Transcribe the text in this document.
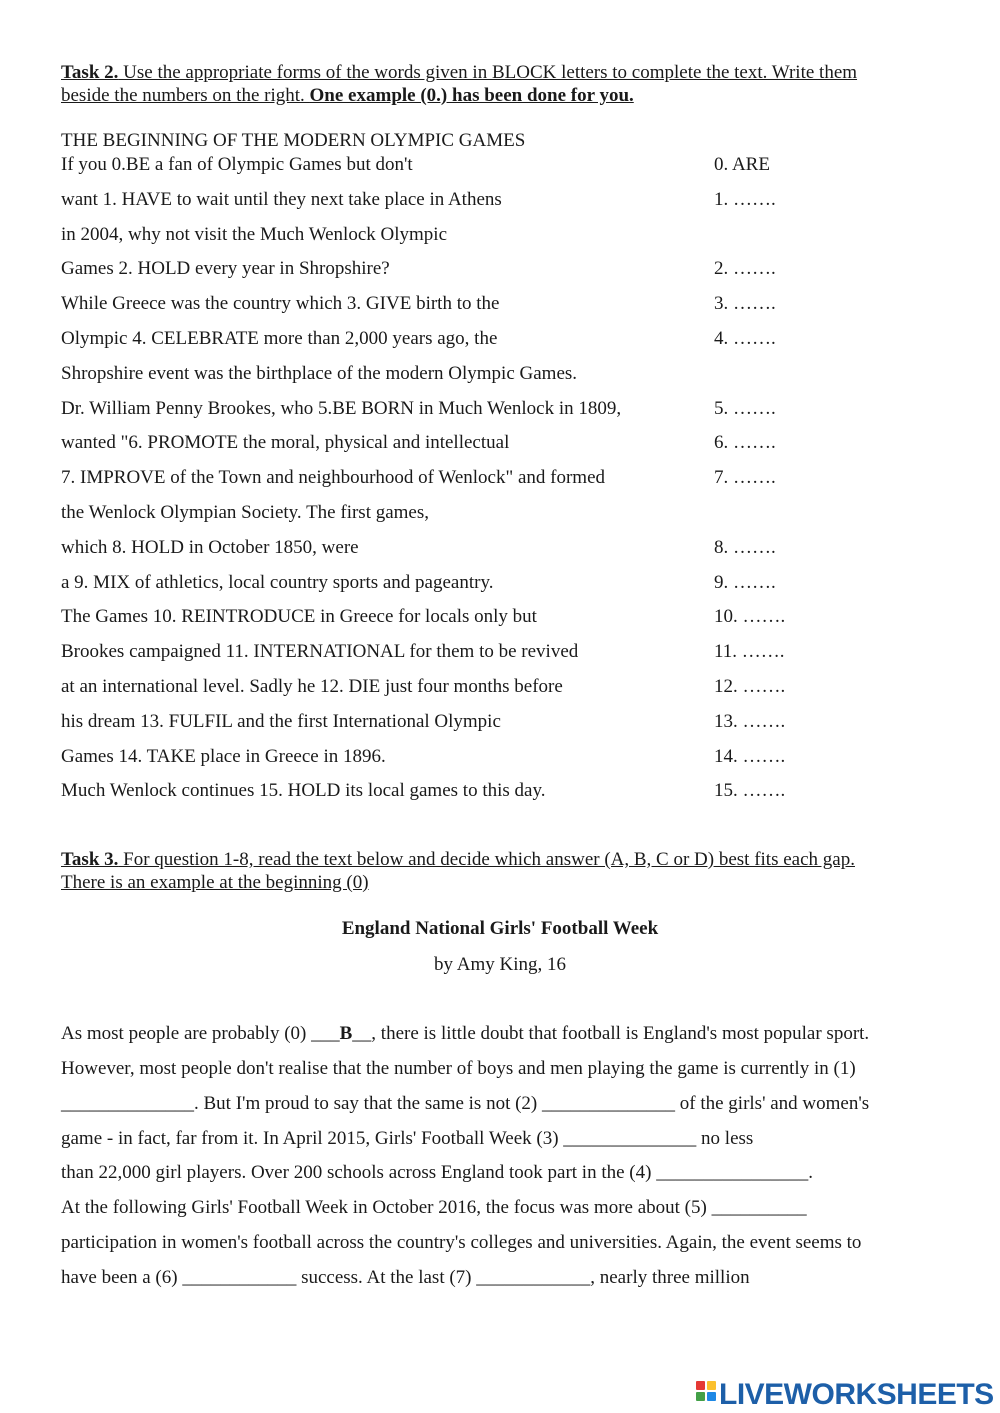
Task 2. Use the appropriate forms of the words given in BLOCK letters to complete the text. Write them
beside the numbers on the right. One example (0.) has been done for you.
THE BEGINNING OF THE MODERN OLYMPIC GAMES
If you 0.BE a fan of Olympic Games but don't	0. ARE
want 1. HAVE to wait until they next take place in Athens	1. …….
in 2004, why not visit the Much Wenlock Olympic
Games 2. HOLD every year in Shropshire?	2. …….
While Greece was the country which 3. GIVE birth to the	3. …….
Olympic 4. CELEBRATE more than 2,000 years ago, the	4. …….
Shropshire event was the birthplace of the modern Olympic Games.
Dr. William Penny Brookes, who 5.BE BORN in Much Wenlock in 1809,	5. …….
wanted "6. PROMOTE the moral, physical and intellectual	6. …….
7. IMPROVE of the Town and neighbourhood of Wenlock" and formed	7. …….
the Wenlock Olympian Society. The first games,
which 8. HOLD in October 1850, were	8. …….
a 9. MIX of athletics, local country sports and pageantry.	9. …….
The Games 10. REINTRODUCE in Greece for locals only but	10. …….
Brookes campaigned 11. INTERNATIONAL for them to be revived	11. …….
at an international level. Sadly he 12. DIE just four months before	12. …….
his dream 13. FULFIL and the first International Olympic	13. …….
Games 14. TAKE place in Greece in 1896.	14. …….
Much Wenlock continues 15. HOLD its local games to this day.	15. …….
Task 3. For question 1-8, read the text below and decide which answer (A, B, C or D) best fits each gap.
There is an example at the beginning (0)
England National Girls' Football Week
by Amy King, 16
As most people are probably (0) ___B__, there is little doubt that football is England's most popular sport.
However, most people don't realise that the number of boys and men playing the game is currently in (1)
______________. But I'm proud to say that the same is not (2) ______________ of the girls' and women's
game - in fact, far from it. In April 2015, Girls' Football Week (3) ______________ no less
than 22,000 girl players. Over 200 schools across England took part in the (4) ________________.
At the following Girls' Football Week in October 2016, the focus was more about (5) __________
participation in women's football across the country's colleges and universities. Again, the event seems to
have been a (6) ____________ success. At the last (7) ____________, nearly three million
LIVEWORKSHEETS
